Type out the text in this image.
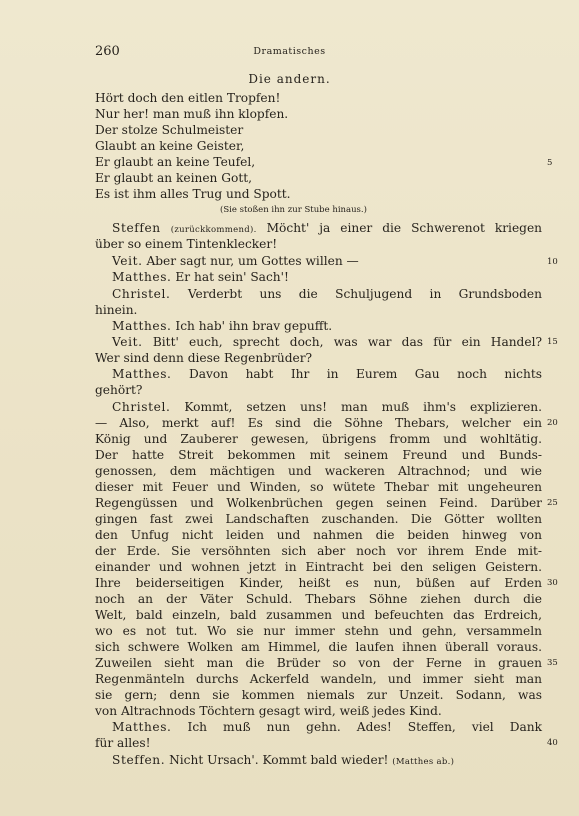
260	Dramatisches
Die andern.
Hört doch den eitlen Tropfen!
Nur her! man muß ihn klopfen.
Der stolze Schulmeister
Glaubt an keine Geister,
Er glaubt an keine Teufel,
Er glaubt an keinen Gott,
Es ist ihm alles Trug und Spott.
(Sie stoßen ihn zur Stube hinaus.)
Steffen (zurückkommend). Möcht' ja einer die Schwerenot kriegen
über so einem Tintenklecker!
Veit. Aber sagt nur, um Gottes willen —
Matthes. Er hat sein' Sach'!
Christel. Verderbt uns die Schuljugend in Grundsboden
hinein.
Matthes. Ich hab' ihn brav gepufft.
Veit. Bitt' euch, sprecht doch, was war das für ein Handel?
Wer sind denn diese Regenbrüder?
Matthes. Davon habt Ihr in Eurem Gau noch nichts
gehört?
Christel. Kommt, setzen uns! man muß ihm's explizieren.
— Also, merkt auf! Es sind die Söhne Thebars, welcher ein
König und Zauberer gewesen, übrigens fromm und wohltätig.
Der hatte Streit bekommen mit seinem Freund und Bunds-
genossen, dem mächtigen und wackeren Altrachnod; und wie
dieser mit Feuer und Winden, so wütete Thebar mit ungeheuren
Regengüssen und Wolkenbrüchen gegen seinen Feind. Darüber
gingen fast zwei Landschaften zuschanden. Die Götter wollten
den Unfug nicht leiden und nahmen die beiden hinweg von
der Erde. Sie versöhnten sich aber noch vor ihrem Ende mit-
einander und wohnen jetzt in Eintracht bei den seligen Geistern.
Ihre beiderseitigen Kinder, heißt es nun, büßen auf Erden
noch an der Väter Schuld. Thebars Söhne ziehen durch die
Welt, bald einzeln, bald zusammen und befeuchten das Erdreich,
wo es not tut. Wo sie nur immer stehn und gehn, versammeln
sich schwere Wolken am Himmel, die laufen ihnen überall voraus.
Zuweilen sieht man die Brüder so von der Ferne in grauen
Regenmänteln durchs Ackerfeld wandeln, und immer sieht man
sie gern; denn sie kommen niemals zur Unzeit. Sodann, was
von Altrachnods Töchtern gesagt wird, weiß jedes Kind.
Matthes. Ich muß nun gehn. Ades! Steffen, viel Dank
für alles!
Steffen. Nicht Ursach'. Kommt bald wieder! (Matthes ab.)
5
10
15
20
25
30
35
40
